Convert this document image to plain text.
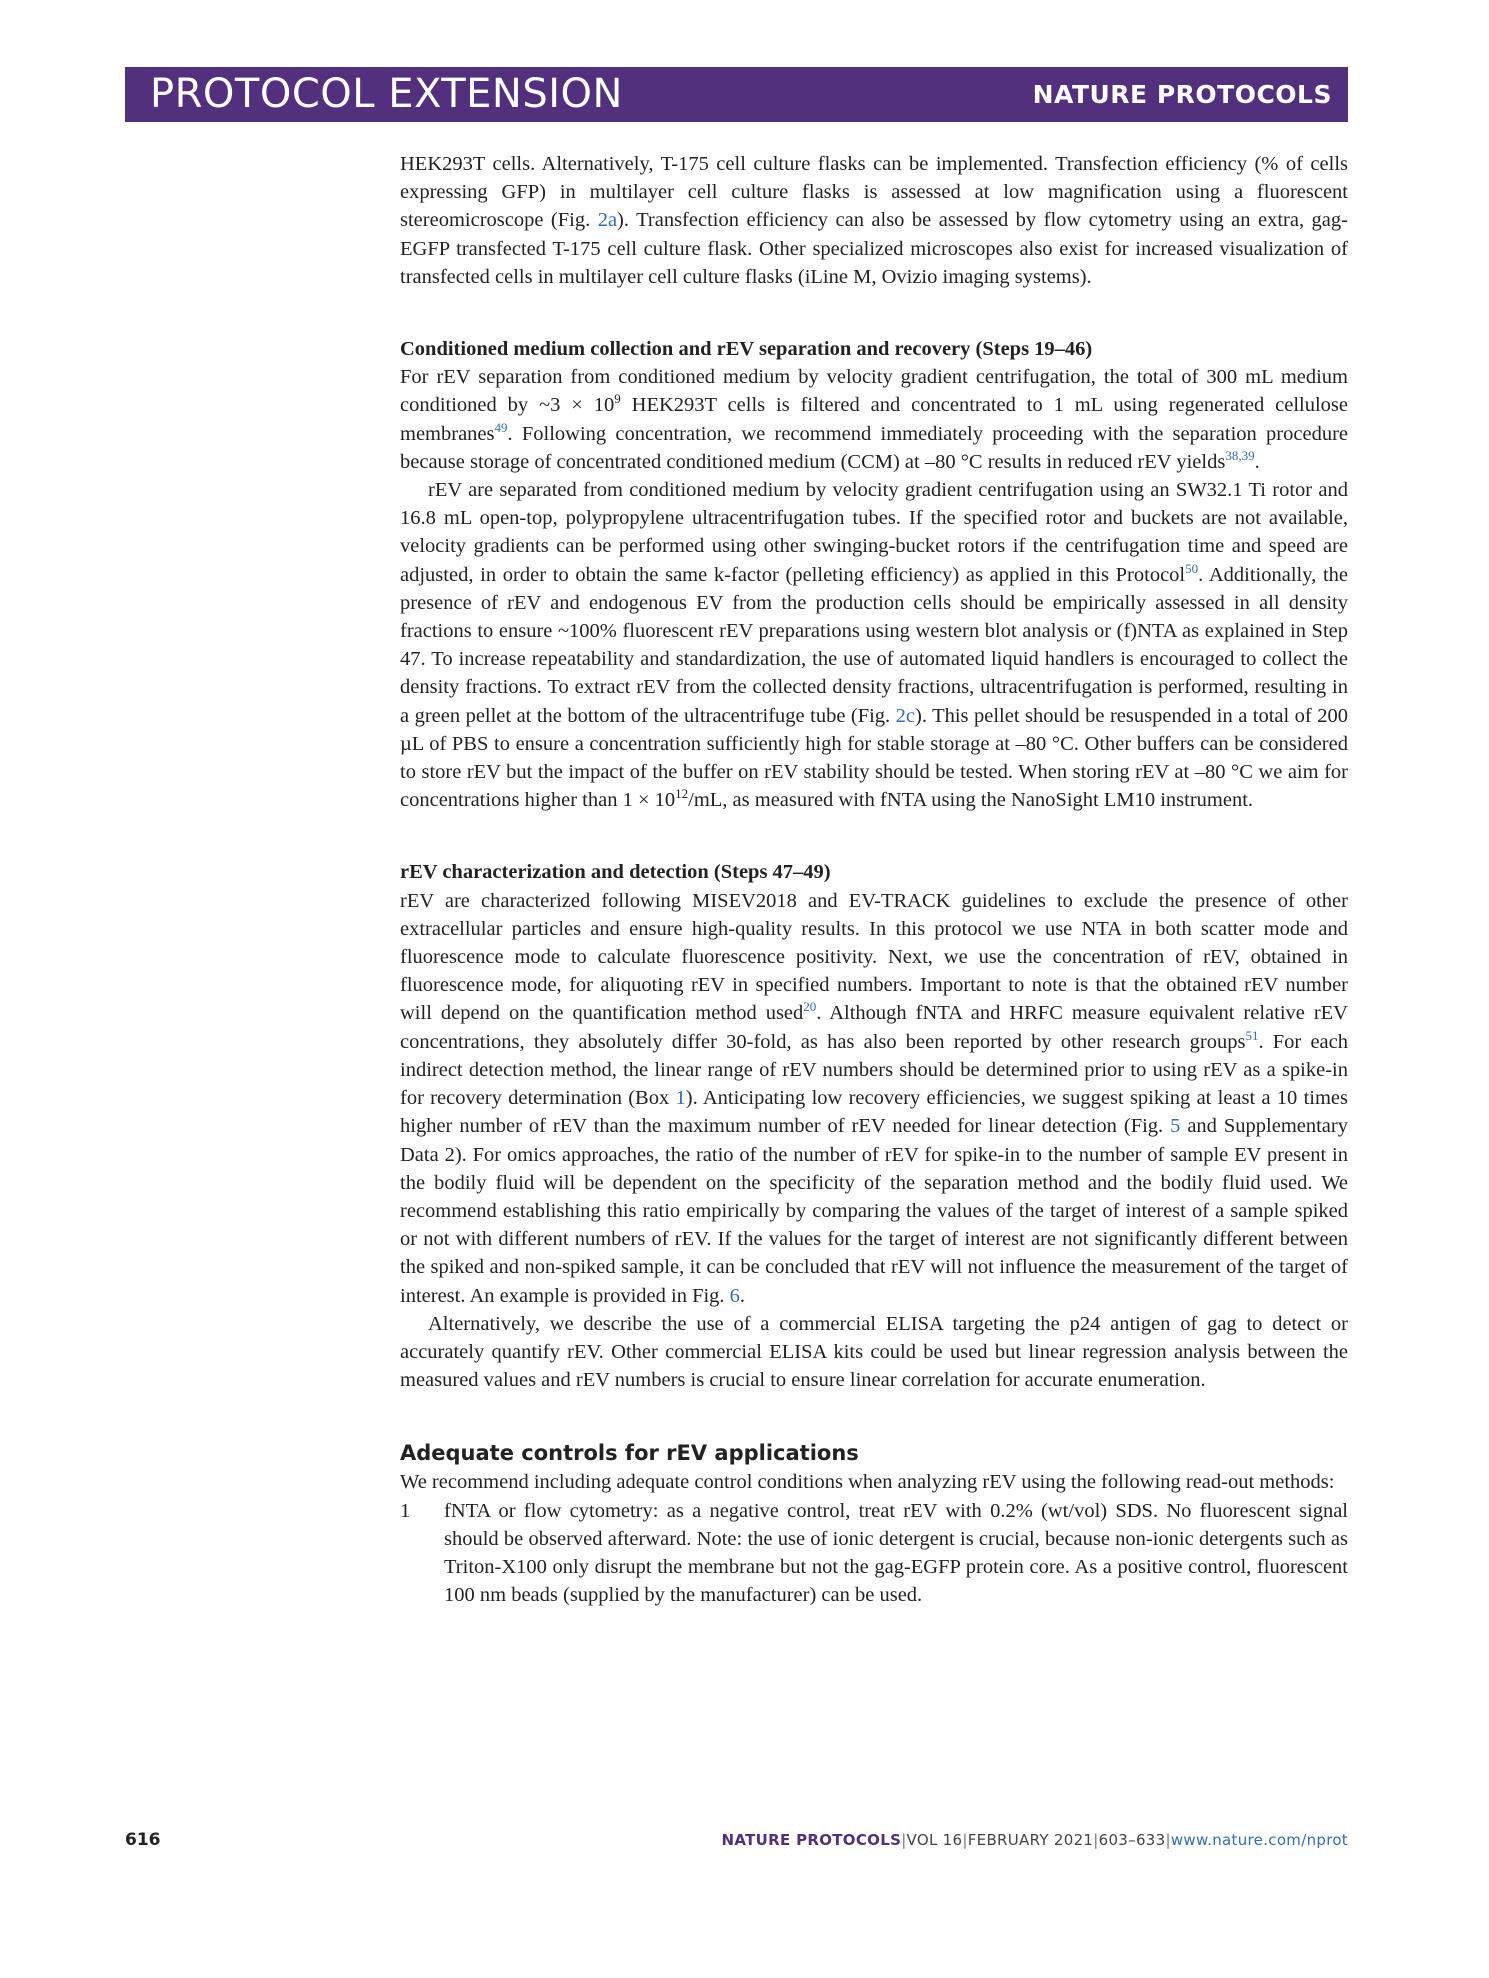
PROTOCOL EXTENSION	NATURE PROTOCOLS

HEK293T cells. Alternatively, T-175 cell culture flasks can be implemented. Transfection efficiency (% of cells expressing GFP) in multilayer cell culture flasks is assessed at low magnification using a fluorescent stereomicroscope (Fig. 2a). Transfection efficiency can also be assessed by flow cytometry using an extra, gag-EGFP transfected T-175 cell culture flask. Other specialized microscopes also exist for increased visualization of transfected cells in multilayer cell culture flasks (iLine M, Ovizio imaging systems).

Conditioned medium collection and rEV separation and recovery (Steps 19–46)

For rEV separation from conditioned medium by velocity gradient centrifugation, the total of 300 mL medium conditioned by ~3 × $10^9$ HEK293T cells is filtered and concentrated to 1 mL using regenerated cellulose membranes$^{49}$. Following concentration, we recommend immediately proceeding with the separation procedure because storage of concentrated conditioned medium (CCM) at –80 °C results in reduced rEV yields$^{38,39}$.

rEV are separated from conditioned medium by velocity gradient centrifugation using an SW32.1 Ti rotor and 16.8 mL open-top, polypropylene ultracentrifugation tubes. If the specified rotor and buckets are not available, velocity gradients can be performed using other swinging-bucket rotors if the centrifugation time and speed are adjusted, in order to obtain the same k-factor (pelleting efficiency) as applied in this Protocol$^{50}$. Additionally, the presence of rEV and endogenous EV from the production cells should be empirically assessed in all density fractions to ensure ~100% fluorescent rEV preparations using western blot analysis or (f)NTA as explained in Step 47. To increase repeatability and standardization, the use of automated liquid handlers is encouraged to collect the density fractions. To extract rEV from the collected density fractions, ultracentrifugation is performed, resulting in a green pellet at the bottom of the ultracentrifuge tube (Fig. 2c). This pellet should be resuspended in a total of 200 µL of PBS to ensure a concentration sufficiently high for stable storage at –80 °C. Other buffers can be considered to store rEV but the impact of the buffer on rEV stability should be tested. When storing rEV at –80 °C we aim for concentrations higher than $1 \times 10^{12}/mL$, as measured with fNTA using the NanoSight LM10 instrument.

rEV characterization and detection (Steps 47–49)

rEV are characterized following MISEV2018 and EV-TRACK guidelines to exclude the presence of other extracellular particles and ensure high-quality results. In this protocol we use NTA in both scatter mode and fluorescence mode to calculate fluorescence positivity. Next, we use the concentration of rEV, obtained in fluorescence mode, for aliquoting rEV in specified numbers. Important to note is that the obtained rEV number will depend on the quantification method used$^{20}$. Although fNTA and HRFC measure equivalent relative rEV concentrations, they absolutely differ 30-fold, as has also been reported by other research groups$^{51}$. For each indirect detection method, the linear range of rEV numbers should be determined prior to using rEV as a spike-in for recovery determination (Box 1). Anticipating low recovery efficiencies, we suggest spiking at least a 10 times higher number of rEV than the maximum number of rEV needed for linear detection (Fig. 5 and Supplementary Data 2). For omics approaches, the ratio of the number of rEV for spike-in to the number of sample EV present in the bodily fluid will be dependent on the specificity of the separation method and the bodily fluid used. We recommend establishing this ratio empirically by comparing the values of the target of interest of a sample spiked or not with different numbers of rEV. If the values for the target of interest are not significantly different between the spiked and non-spiked sample, it can be concluded that rEV will not influence the measurement of the target of interest. An example is provided in Fig. 6.

Alternatively, we describe the use of a commercial ELISA targeting the p24 antigen of gag to detect or accurately quantify rEV. Other commercial ELISA kits could be used but linear regression analysis between the measured values and rEV numbers is crucial to ensure linear correlation for accurate enumeration.

Adequate controls for rEV applications

We recommend including adequate control conditions when analyzing rEV using the following read-out methods:

1 fNTA or flow cytometry: as a negative control, treat rEV with 0.2% (wt/vol) SDS. No fluorescent signal should be observed afterward. Note: the use of ionic detergent is crucial, because non-ionic detergents such as Triton-X100 only disrupt the membrane but not the gag-EGFP protein core. As a positive control, fluorescent 100 nm beads (supplied by the manufacturer) can be used.
616	NATURE PROTOCOLS|VOL 16|FEBRUARY 2021|603–633|www.nature.com/nprot
